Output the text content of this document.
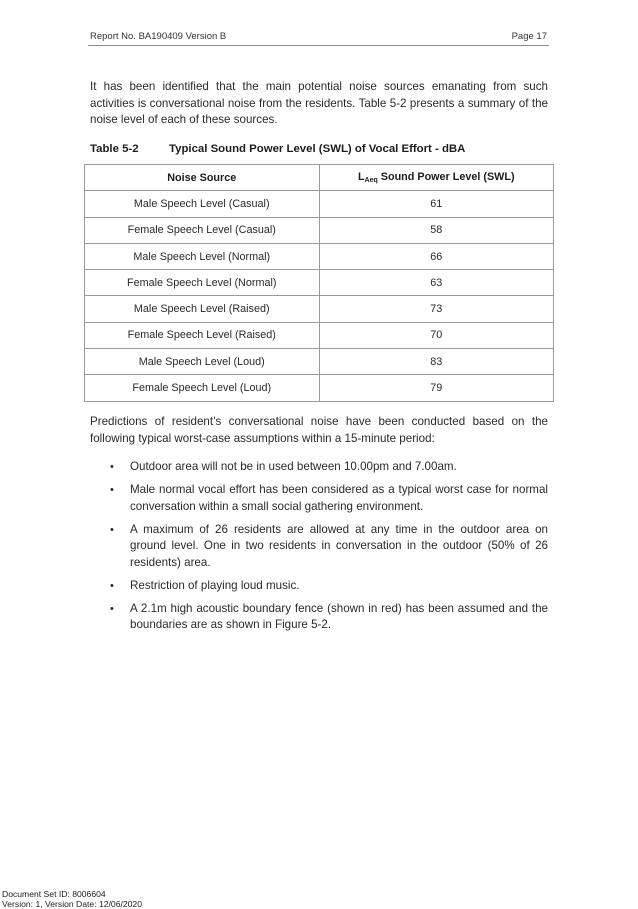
Report No. BA190409 Version B	Page 17

It has been identified that the main potential noise sources emanating from such activities is conversational noise from the residents. Table 5-2 presents a summary of the noise level of each of these sources.

Table 5-2	Typical Sound Power Level (SWL) of Vocal Effort - dBA
Noise Source	$L_{Aeq}$ Sound Power Level (SWL)
Male Speech Level (Casual)	61
Female Speech Level (Casual)	58
Male Speech Level (Normal)	66
Female Speech Level (Normal)	63
Male Speech Level (Raised)	73
Female Speech Level (Raised)	70
Male Speech Level (Loud)	83
Female Speech Level (Loud)	79

Predictions of resident’s conversational noise have been conducted based on the following typical worst-case assumptions within a 15-minute period:

• Outdoor area will not be in used between 10.00pm and 7.00am.
• Male normal vocal effort has been considered as a typical worst case for normal conversation within a small social gathering environment.
• A maximum of 26 residents are allowed at any time in the outdoor area on ground level. One in two residents in conversation in the outdoor (50% of 26 residents) area.
• Restriction of playing loud music.
• A 2.1m high acoustic boundary fence (shown in red) has been assumed and the boundaries are as shown in Figure 5-2.
Document Set ID: 8006604
Version: 1, Version Date: 12/06/2020
